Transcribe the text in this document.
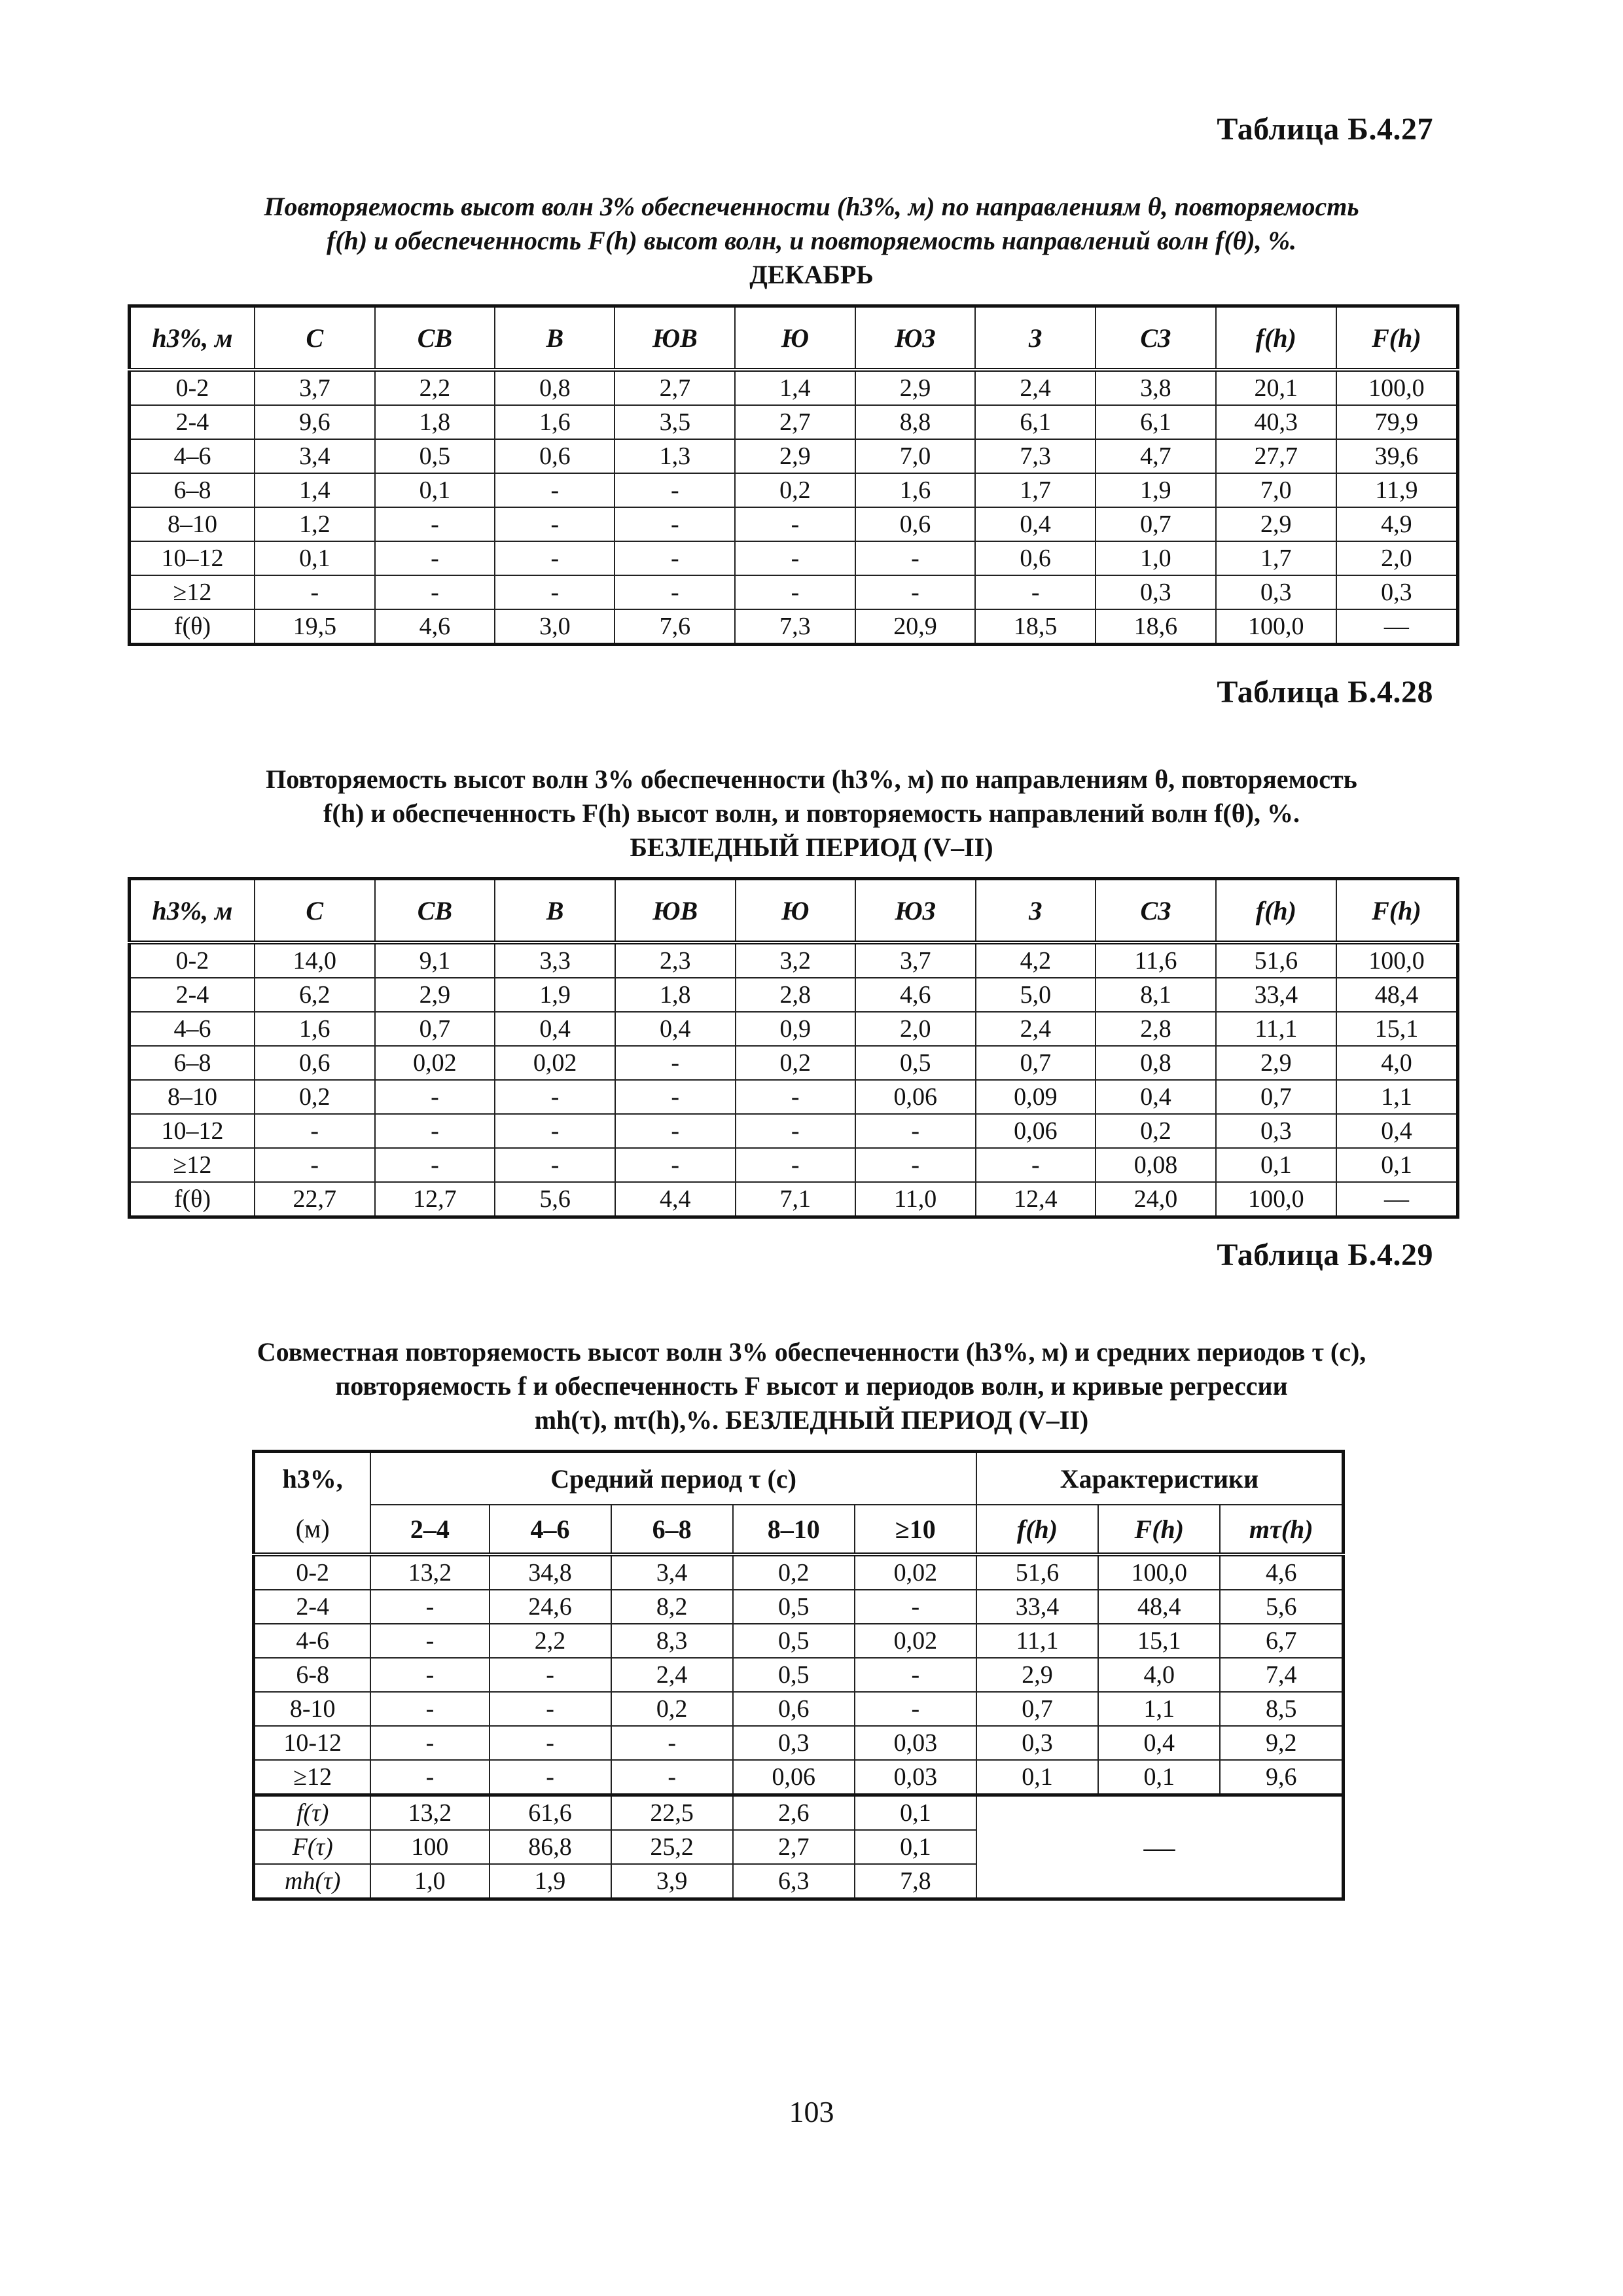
Таблица Б.4.27
Повторяемость высот волн 3% обеспеченности (h3%, м) по направлениям θ, повторяемость
f(h) и обеспеченность F(h) высот волн, и повторяемость направлений волн f(θ), %.
ДЕКАБРЬ
h3%, м	С	СВ	В	ЮВ	Ю	ЮЗ	З	СЗ	f(h)	F(h)
0-2	3,7	2,2	0,8	2,7	1,4	2,9	2,4	3,8	20,1	100,0
2-4	9,6	1,8	1,6	3,5	2,7	8,8	6,1	6,1	40,3	79,9
4–6	3,4	0,5	0,6	1,3	2,9	7,0	7,3	4,7	27,7	39,6
6–8	1,4	0,1	-	-	0,2	1,6	1,7	1,9	7,0	11,9
8–10	1,2	-	-	-	-	0,6	0,4	0,7	2,9	4,9
10–12	0,1	-	-	-	-	-	0,6	1,0	1,7	2,0
≥12	-	-	-	-	-	-	-	0,3	0,3	0,3
f(θ)	19,5	4,6	3,0	7,6	7,3	20,9	18,5	18,6	100,0	—
Таблица Б.4.28
Повторяемость высот волн 3% обеспеченности (h3%, м) по направлениям θ, повторяемость
f(h) и обеспеченность F(h) высот волн, и повторяемость направлений волн f(θ), %.
БЕЗЛЕДНЫЙ ПЕРИОД (V–II)
h3%, м	С	СВ	В	ЮВ	Ю	ЮЗ	З	СЗ	f(h)	F(h)
0-2	14,0	9,1	3,3	2,3	3,2	3,7	4,2	11,6	51,6	100,0
2-4	6,2	2,9	1,9	1,8	2,8	4,6	5,0	8,1	33,4	48,4
4–6	1,6	0,7	0,4	0,4	0,9	2,0	2,4	2,8	11,1	15,1
6–8	0,6	0,02	0,02	-	0,2	0,5	0,7	0,8	2,9	4,0
8–10	0,2	-	-	-	-	0,06	0,09	0,4	0,7	1,1
10–12	-	-	-	-	-	-	0,06	0,2	0,3	0,4
≥12	-	-	-	-	-	-	-	0,08	0,1	0,1
f(θ)	22,7	12,7	5,6	4,4	7,1	11,0	12,4	24,0	100,0	—
Таблица Б.4.29
Совместная повторяемость высот волн 3% обеспеченности (h3%, м) и средних периодов τ (с),
повторяемость f и обеспеченность F высот и периодов волн, и кривые регрессии
mh(τ), mτ(h),%. БЕЗЛЕДНЫЙ ПЕРИОД (V–II)
h3%,	Средний период τ (с)					Характеристики		
(м)	2–4	4–6	6–8	8–10	≥10	f(h)	F(h)	mτ(h)
0-2	13,2	34,8	3,4	0,2	0,02	51,6	100,0	4,6
2-4	-	24,6	8,2	0,5	-	33,4	48,4	5,6
4-6	-	2,2	8,3	0,5	0,02	11,1	15,1	6,7
6-8	-	-	2,4	0,5	-	2,9	4,0	7,4
8-10	-	-	0,2	0,6	-	0,7	1,1	8,5
10-12	-	-	-	0,3	0,03	0,3	0,4	9,2
≥12	-	-	-	0,06	0,03	0,1	0,1	9,6
f(τ)	13,2	61,6	22,5	2,6	0,1	—		
F(τ)	100	86,8	25,2	2,7	0,1			
mh(τ)	1,0	1,9	3,9	6,3	7,8			
103
